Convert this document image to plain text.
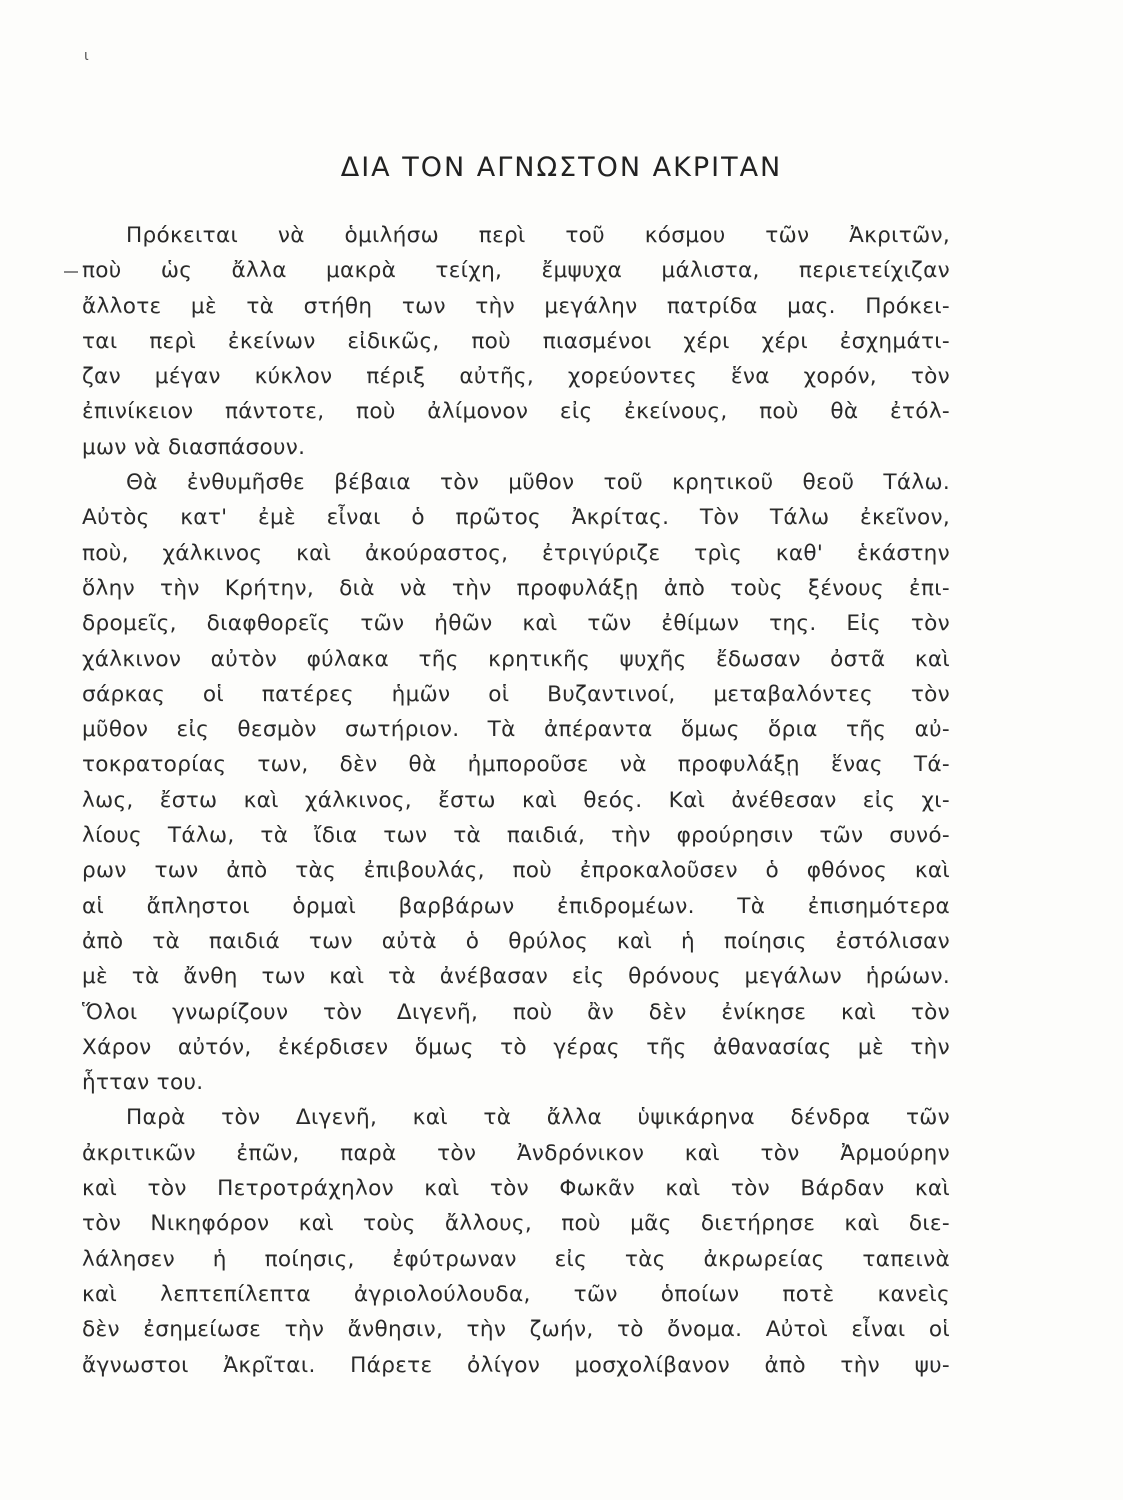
ι
ΔΙΑ ΤΟΝ ΑΓΝΩΣΤΟΝ ΑΚΡΙΤΑΝ
Πρόκειται νὰ ὁμιλήσω περὶ τοῦ κόσμου τῶν Ἀκριτῶν,
ποὺ ὡς ἄλλα μακρὰ τείχη, ἔμψυχα μάλιστα, περιετείχιζαν
ἄλλοτε μὲ τὰ στήθη των τὴν μεγάλην πατρίδα μας. Πρόκει-
ται περὶ ἐκείνων εἰδικῶς, ποὺ πιασμένοι χέρι χέρι ἐσχημάτι-
ζαν μέγαν κύκλον πέριξ αὐτῆς, χορεύοντες ἕνα χορόν, τὸν
ἐπινίκειον πάντοτε, ποὺ ἀλίμονον εἰς ἐκείνους, ποὺ θὰ ἐτόλ-
μων νὰ διασπάσουν.
Θὰ ἐνθυμῆσθε βέβαια τὸν μῦθον τοῦ κρητικοῦ θεοῦ Τάλω.
Αὐτὸς κατ' ἐμὲ εἶναι ὁ πρῶτος Ἀκρίτας. Τὸν Τάλω ἐκεῖνον,
ποὺ, χάλκινος καὶ ἀκούραστος, ἐτριγύριζε τρὶς καθ' ἑκάστην
ὅλην τὴν Κρήτην, διὰ νὰ τὴν προφυλάξῃ ἀπὸ τοὺς ξένους ἐπι-
δρομεῖς, διαφθορεῖς τῶν ἠθῶν καὶ τῶν ἐθίμων της. Εἰς τὸν
χάλκινον αὐτὸν φύλακα τῆς κρητικῆς ψυχῆς ἔδωσαν ὀστᾶ καὶ
σάρκας οἱ πατέρες ἡμῶν οἱ Βυζαντινοί, μεταβαλόντες τὸν
μῦθον εἰς θεσμὸν σωτήριον. Τὰ ἀπέραντα ὅμως ὅρια τῆς αὐ-
τοκρατορίας των, δὲν θὰ ἠμποροῦσε νὰ προφυλάξῃ ἕνας Τά-
λως, ἔστω καὶ χάλκινος, ἔστω καὶ θεός. Καὶ ἀνέθεσαν εἰς χι-
λίους Τάλω, τὰ ἴδια των τὰ παιδιά, τὴν φρούρησιν τῶν συνό-
ρων των ἀπὸ τὰς ἐπιβουλάς, ποὺ ἐπροκαλοῦσεν ὁ φθόνος καὶ
αἱ ἄπληστοι ὁρμαὶ βαρβάρων ἐπιδρομέων. Τὰ ἐπισημότερα
ἀπὸ τὰ παιδιά των αὐτὰ ὁ θρύλος καὶ ἡ ποίησις ἐστόλισαν
μὲ τὰ ἄνθη των καὶ τὰ ἀνέβασαν εἰς θρόνους μεγάλων ἡρώων.
Ὅλοι γνωρίζουν τὸν Διγενῆ, ποὺ ἂν δὲν ἐνίκησε καὶ τὸν
Χάρον αὐτόν, ἐκέρδισεν ὅμως τὸ γέρας τῆς ἀθανασίας μὲ τὴν
ἧτταν του.
Παρὰ τὸν Διγενῆ, καὶ τὰ ἄλλα ὑψικάρηνα δένδρα τῶν
ἀκριτικῶν ἐπῶν, παρὰ τὸν Ἀνδρόνικον καὶ τὸν Ἀρμούρην
καὶ τὸν Πετροτράχηλον καὶ τὸν Φωκᾶν καὶ τὸν Βάρδαν καὶ
τὸν Νικηφόρον καὶ τοὺς ἄλλους, ποὺ μᾶς διετήρησε καὶ διε-
λάλησεν ἡ ποίησις, ἐφύτρωναν εἰς τὰς ἀκρωρείας ταπεινὰ
καὶ λεπτεπίλεπτα ἀγριολούλουδα, τῶν ὁποίων ποτὲ κανεὶς
δὲν ἐσημείωσε τὴν ἄνθησιν, τὴν ζωήν, τὸ ὄνομα. Αὐτοὶ εἶναι οἱ
ἄγνωστοι Ἀκρῖται. Πάρετε ὀλίγον μοσχολίβανον ἀπὸ τὴν ψυ-
